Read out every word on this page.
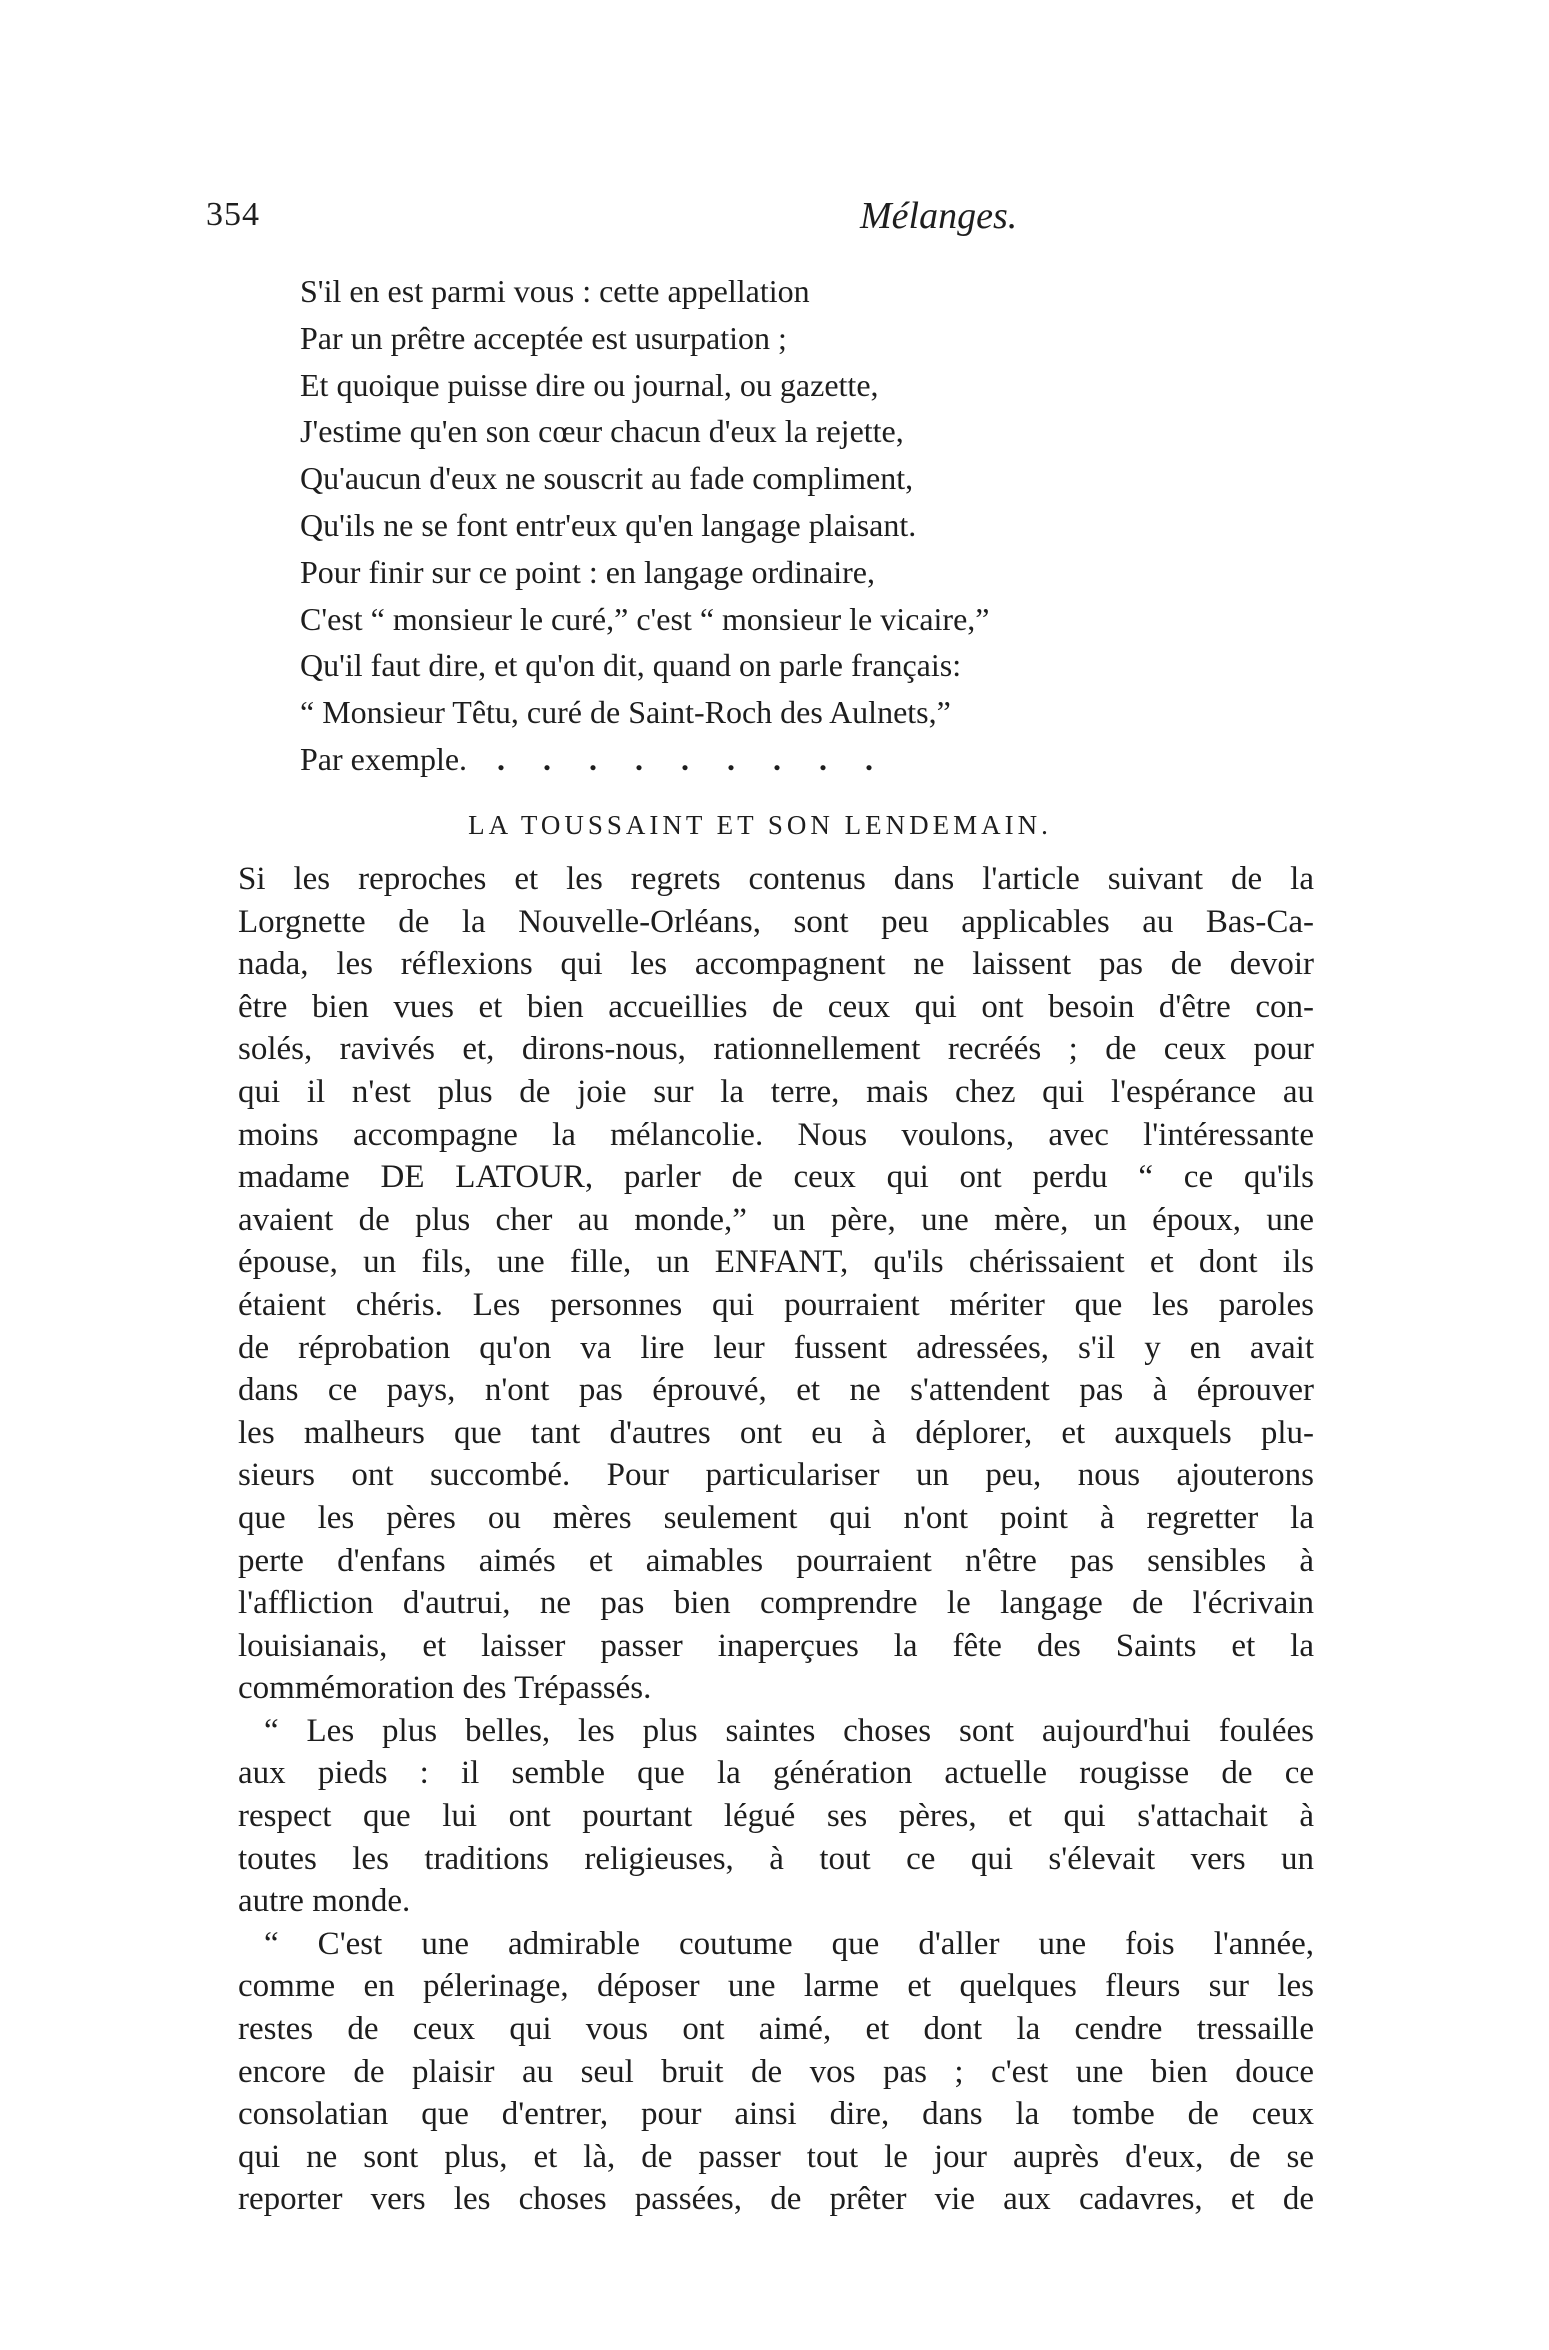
354	Mélanges.
S'il en est parmi vous : cette appellation
Par un prêtre acceptée est usurpation ;
Et quoique puisse dire ou journal, ou gazette,
J'estime qu'en son cœur chacun d'eux la rejette,
Qu'aucun d'eux ne souscrit au fade compliment,
Qu'ils ne se font entr'eux qu'en langage plaisant.
Pour finir sur ce point : en langage ordinaire,
C'est “ monsieur le curé,” c'est “ monsieur le vicaire,”
Qu'il faut dire, et qu'on dit, quand on parle français:
“ Monsieur Têtu, curé de Saint-Roch des Aulnets,”
Par exemple. .........
LA TOUSSAINT ET SON LENDEMAIN.
Si les reproches et les regrets contenus dans l'article suivant de la
Lorgnette de la Nouvelle-Orléans, sont peu applicables au Bas-Ca-
nada, les réflexions qui les accompagnent ne laissent pas de devoir
être bien vues et bien accueillies de ceux qui ont besoin d'être con-
solés, ravivés et, dirons-nous, rationnellement recréés ; de ceux pour
qui il n'est plus de joie sur la terre, mais chez qui l'espérance au
moins accompagne la mélancolie. Nous voulons, avec l'intéressante
madame DE LATOUR, parler de ceux qui ont perdu “ ce qu'ils
avaient de plus cher au monde,” un père, une mère, un époux, une
épouse, un fils, une fille, un ENFANT, qu'ils chérissaient et dont ils
étaient chéris. Les personnes qui pourraient mériter que les paroles
de réprobation qu'on va lire leur fussent adressées, s'il y en avait
dans ce pays, n'ont pas éprouvé, et ne s'attendent pas à éprouver
les malheurs que tant d'autres ont eu à déplorer, et auxquels plu-
sieurs ont succombé. Pour particulariser un peu, nous ajouterons
que les pères ou mères seulement qui n'ont point à regretter la
perte d'enfans aimés et aimables pourraient n'être pas sensibles à
l'affliction d'autrui, ne pas bien comprendre le langage de l'écrivain
louisianais, et laisser passer inaperçues la fête des Saints et la
commémoration des Trépassés.
“ Les plus belles, les plus saintes choses sont aujourd'hui foulées
aux pieds : il semble que la génération actuelle rougisse de ce
respect que lui ont pourtant légué ses pères, et qui s'attachait à
toutes les traditions religieuses, à tout ce qui s'élevait vers un
autre monde.
“ C'est une admirable coutume que d'aller une fois l'année,
comme en pélerinage, déposer une larme et quelques fleurs sur les
restes de ceux qui vous ont aimé, et dont la cendre tressaille
encore de plaisir au seul bruit de vos pas ; c'est une bien douce
consolatian que d'entrer, pour ainsi dire, dans la tombe de ceux
qui ne sont plus, et là, de passer tout le jour auprès d'eux, de se
reporter vers les choses passées, de prêter vie aux cadavres, et de
